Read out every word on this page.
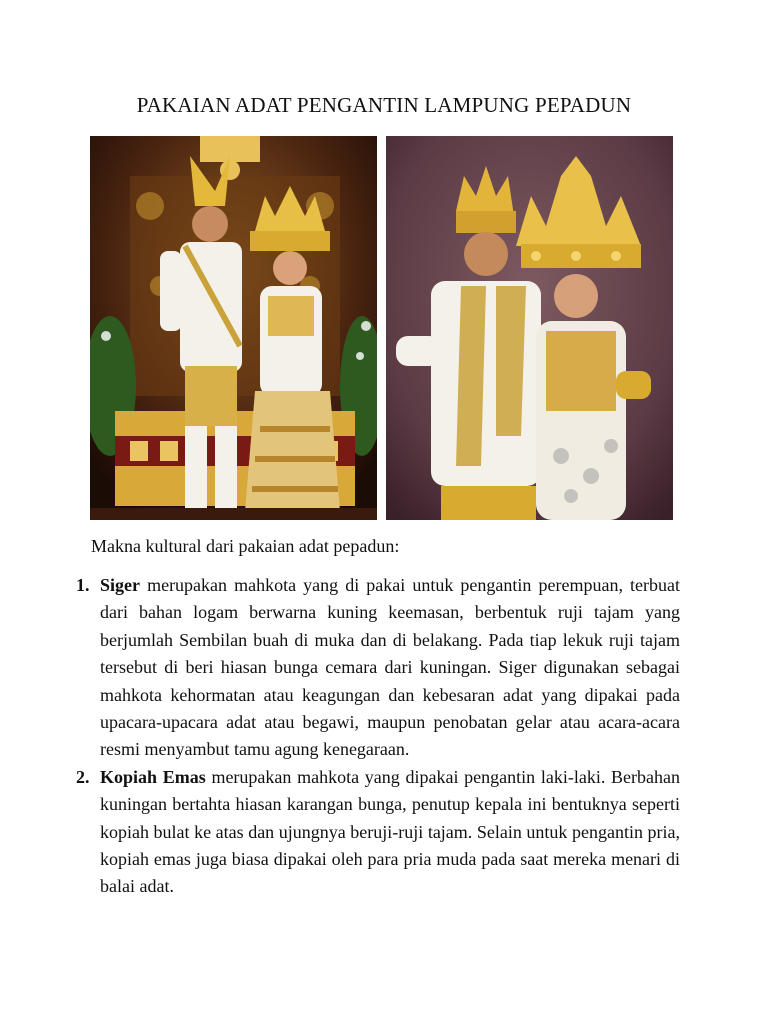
PAKAIAN ADAT PENGANTIN LAMPUNG PEPADUN
Makna kultural dari pakaian adat pepadun:
1. Siger merupakan mahkota yang di pakai untuk pengantin perempuan, terbuat dari bahan logam berwarna kuning keemasan, berbentuk ruji tajam yang berjumlah Sembilan buah di muka dan di belakang. Pada tiap lekuk ruji tajam tersebut di beri hiasan bunga cemara dari kuningan. Siger digunakan sebagai mahkota kehormatan atau keagungan dan kebesaran adat yang dipakai pada upacara-upacara adat atau begawi, maupun penobatan gelar atau acara-acara resmi menyambut tamu agung kenegaraan.
2. Kopiah Emas merupakan mahkota yang dipakai pengantin laki-laki. Berbahan kuningan bertahta hiasan karangan bunga, penutup kepala ini bentuknya seperti kopiah bulat ke atas dan ujungnya beruji-ruji tajam. Selain untuk pengantin pria, kopiah emas juga biasa dipakai oleh para pria muda pada saat mereka menari di balai adat.
